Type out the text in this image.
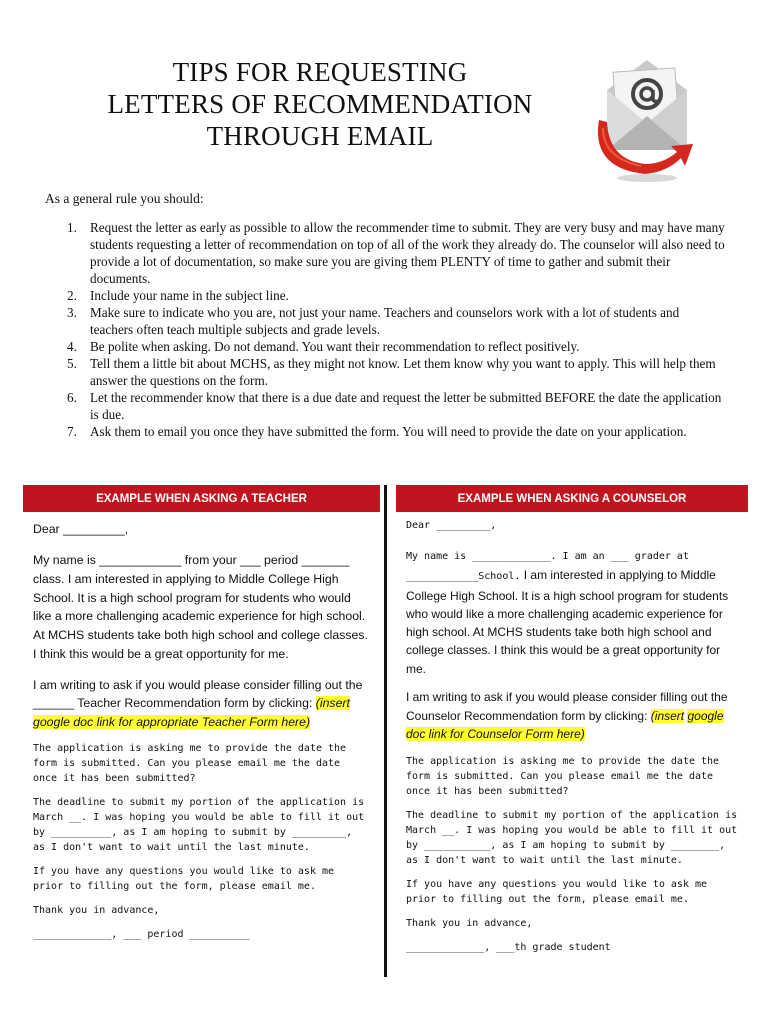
TIPS FOR REQUESTING
LETTERS OF RECOMMENDATION
THROUGH EMAIL
As a general rule you should:
1. Request the letter as early as possible to allow the recommender time to submit. They are very busy and may have many students requesting a letter of recommendation on top of all of the work they already do. The counselor will also need to provide a lot of documentation, so make sure you are giving them PLENTY of time to gather and submit their documents.
2. Include your name in the subject line.
3. Make sure to indicate who you are, not just your name. Teachers and counselors work with a lot of students and teachers often teach multiple subjects and grade levels.
4. Be polite when asking. Do not demand. You want their recommendation to reflect positively.
5. Tell them a little bit about MCHS, as they might not know. Let them know why you want to apply. This will help them answer the questions on the form.
6. Let the recommender know that there is a due date and request the letter be submitted BEFORE the date the application is due.
7. Ask them to email you once they have submitted the form. You will need to provide the date on your application.
EXAMPLE WHEN ASKING A TEACHER	EXAMPLE WHEN ASKING A COUNSELOR

Dear _________,

My name is ____________ from your ___ period _______ class. I am interested in applying to Middle College High School. It is a high school program for students who would like a more challenging academic experience for high school. At MCHS students take both high school and college classes. I think this would be a great opportunity for me.

I am writing to ask if you would please consider filling out the ______ Teacher Recommendation form by clicking: (insert google doc link for appropriate Teacher Form here)

The application is asking me to provide the date the form is submitted. Can you please email me the date once it has been submitted?

The deadline to submit my portion of the application is March __. I was hoping you would be able to fill it out by __________, as I am hoping to submit by _________, as I don't want to wait until the last minute.

If you have any questions you would like to ask me prior to filling out the form, please email me.

Thank you in advance,

_____________, ___ period __________

Dear _________,

My name is _____________. I am an ___ grader at ____________School. I am interested in applying to Middle College High School. It is a high school program for students who would like a more challenging academic experience for high school. At MCHS students take both high school and college classes. I think this would be a great opportunity for me.

I am writing to ask if you would please consider filling out the Counselor Recommendation form by clicking: (insert google doc link for Counselor Form here)

The application is asking me to provide the date the form is submitted. Can you please email me the date once it has been submitted?

The deadline to submit my portion of the application is March __. I was hoping you would be able to fill it out by ___________, as I am hoping to submit by ________, as I don't want to wait until the last minute.

If you have any questions you would like to ask me prior to filling out the form, please email me.

Thank you in advance,

_____________, ___th grade student
